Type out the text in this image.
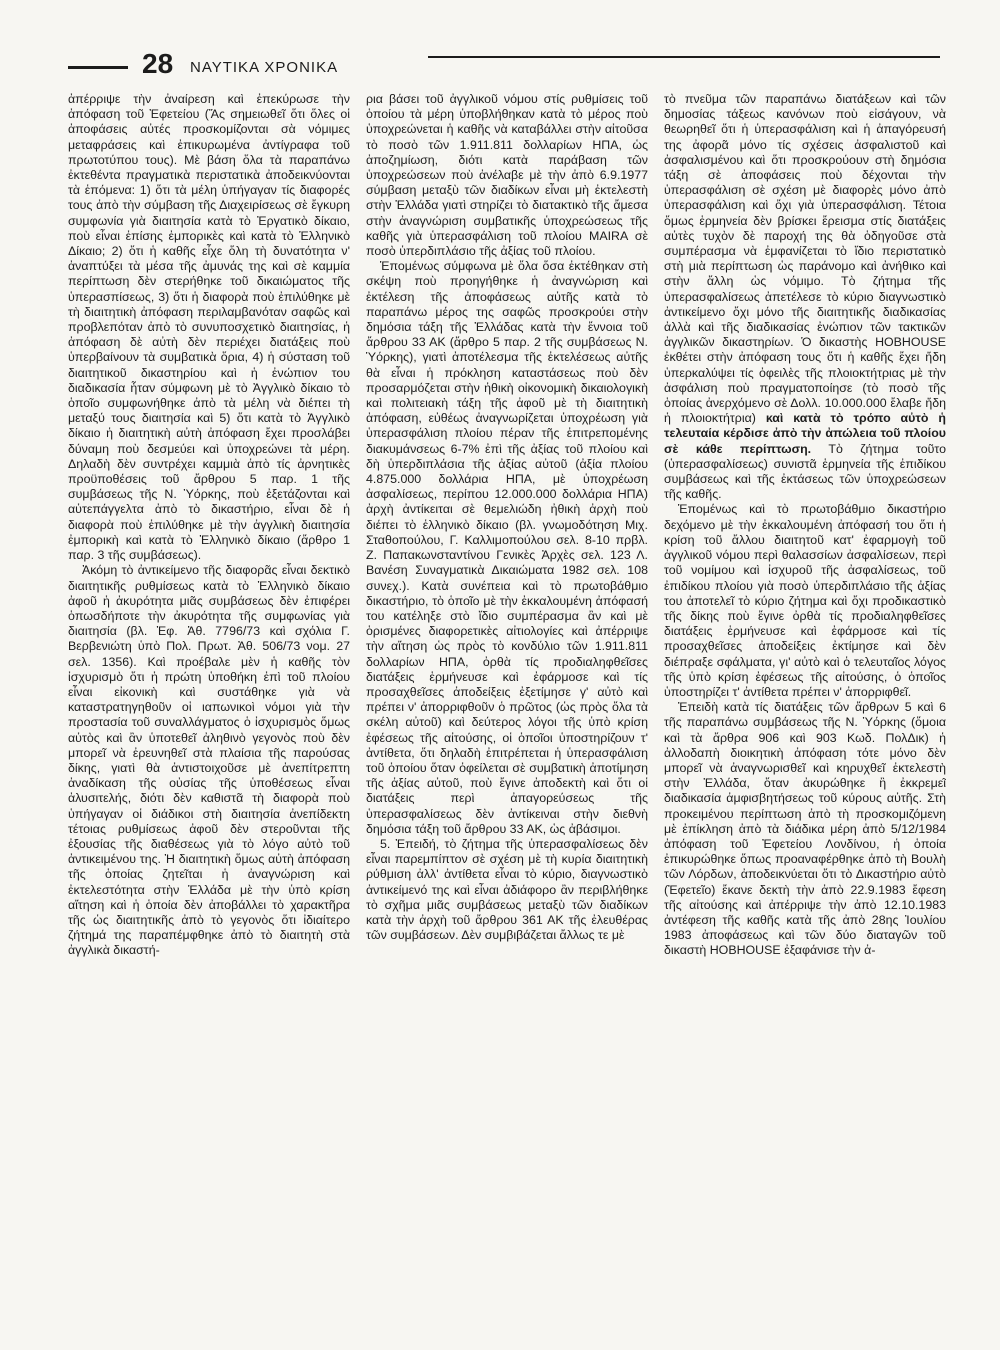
28 ΝΑΥΤΙΚΑ ΧΡΟΝΙΚΑ

ἀπέρριψε τὴν ἀναίρεση καὶ ἐπεκύρωσε τὴν ἀπόφαση τοῦ Ἐφετείου (Ἄς σημειωθεῖ ὅτι ὅλες οἱ ἀποφάσεις αὐτές προσκομίζονται σὰ νόμιμες μεταφράσεις καὶ ἐπικυρωμένα ἀντίγραφα τοῦ πρωτοτύπου τους). Μὲ βάση ὅλα τὰ παραπάνω ἐκτεθέντα πραγματικὰ περιστατικὰ ἀποδεικνύονται τὰ ἑπόμενα: 1) ὅτι τὰ μέλη ὑπήγαγαν τίς διαφορές τους ἀπὸ τὴν σύμβαση τῆς Διαχειρίσεως σὲ ἔγκυρη συμφωνία γιὰ διαιτησία κατὰ τὸ Ἐργατικὸ δίκαιο, ποὺ εἶναι ἐπίσης ἐμπορικὲς καὶ κατὰ τὸ Ἑλληνικὸ Δίκαιο; 2) ὅτι ἡ καθῆς εἶχε ὅλη τὴ δυνατότητα ν' ἀναπτύξει τὰ μέσα τῆς ἀμυνάς της καὶ σὲ καμμία περίπτωση δὲν στερήθηκε τοῦ δικαιώματος τῆς ὑπερασπίσεως, 3) ὅτι ἡ διαφορὰ ποὺ ἐπιλύθηκε μὲ τὴ διαιτητικὴ ἀπόφαση περιλαμβανόταν σαφῶς καὶ προβλεπόταν ἀπὸ τὸ συνυποσχετικὸ διαιτησίας, ἡ ἀπόφαση δὲ αὐτὴ δὲν περιέχει διατάξεις ποὺ ὑπερβαίνουν τὰ συμβατικὰ ὅρια, 4) ἡ σύσταση τοῦ διαιτητικοῦ δικαστηρίου καὶ ἡ ἐνώπιον του διαδικασία ἦταν σύμφωνη μὲ τὸ Ἀγγλικὸ δίκαιο τὸ ὁποῖο συμφωνήθηκε ἀπὸ τὰ μέλη νὰ διέπει τὴ μεταξύ τους διαιτησία καὶ 5) ὅτι κατὰ τὸ Ἀγγλικὸ δίκαιο ἡ διαιτητικὴ αὐτὴ ἀπόφαση ἔχει προσλάβει δύναμη ποὺ δεσμεύει καὶ ὑποχρεώνει τὰ μέρη. Δηλαδὴ δὲν συντρέχει καμμιὰ ἀπὸ τίς ἀρνητικὲς προϋποθέσεις τοῦ ἄρθρου 5 παρ. 1 τῆς συμβάσεως τῆς Ν. Ὑόρκης, ποὺ ἐξετάζονται καὶ αὐτεπάγγελτα ἀπὸ τὸ δικαστήριο, εἶναι δὲ ἡ διαφορὰ ποὺ ἐπιλύθηκε μὲ τὴν ἀγγλικὴ διαιτησία ἐμπορικὴ καὶ κατὰ τὸ Ἑλληνικὸ δίκαιο (ἄρθρο 1 παρ. 3 τῆς συμβάσεως).

Ἀκόμη τὸ ἀντικείμενο τῆς διαφορᾶς εἶναι δεκτικὸ διαιτητικῆς ρυθμίσεως κατὰ τὸ Ἑλληνικὸ δίκαιο ἀφοῦ ἡ ἀκυρότητα μιᾶς συμβάσεως δὲν ἐπιφέρει ὁπωσδήποτε τὴν ἀκυρότητα τῆς συμφωνίας γιὰ διαιτησία (βλ. Ἐφ. Ἀθ. 7796/73 καὶ σχόλια Γ. Βερβενιώτη ὑπὸ Πολ. Πρωτ. Ἀθ. 506/73 νομ. 27 σελ. 1356). Καὶ προέβαλε μὲν ἡ καθῆς τὸν ἰσχυρισμὸ ὅτι ἡ πρώτη ὑποθήκη ἐπὶ τοῦ πλοίου εἶναι εἰκονικὴ καὶ συστάθηκε γιὰ νὰ καταστρατηγηθοῦν οἱ ιαπωνικοὶ νόμοι γιὰ τὴν προστασία τοῦ συναλλάγματος ὁ ἰσχυρισμὸς ὅμως αὐτὸς καὶ ἂν ὑποτεθεῖ ἀληθινὸ γεγονὸς ποὺ δὲν μπορεῖ νὰ ἐρευνηθεῖ στὰ πλαίσια τῆς παρούσας δίκης, γιατὶ θὰ ἀντιστοιχοῦσε μὲ ἀνεπίτρεπτη ἀναδίκαση τῆς οὐσίας τῆς ὑποθέσεως εἶναι ἀλυσιτελής, διότι δὲν καθιστᾶ τὴ διαφορὰ ποὺ ὑπήγαγαν οἱ διάδικοι στὴ διαιτησία ἀνεπίδεκτη τέτοιας ρυθμίσεως ἀφοῦ δὲν στεροῦνται τῆς ἐξουσίας τῆς διαθέσεως γιὰ τὸ λόγο αὐτὸ τοῦ ἀντικειμένου της. Ἡ διαιτητικὴ ὅμως αὐτὴ ἀπόφαση τῆς ὁποίας ζητεῖται ἡ ἀναγνώριση καὶ ἐκτελεστότητα στὴν Ἑλλάδα μὲ τὴν ὑπὸ κρίση αἴτηση καὶ ἡ ὁποία δὲν ἀποβάλλει τὸ χαρακτῆρα τῆς ὡς διαιτητικῆς ἀπὸ τὸ γεγονὸς ὅτι ἰδιαίτερο ζήτημά της παραπέμφθηκε ἀπὸ τὸ διαιτητὴ στὰ ἀγγλικὰ δικαστή-

ρια βάσει τοῦ ἀγγλικοῦ νόμου στίς ρυθμίσεις τοῦ ὁποίου τὰ μέρη ὑποβλήθηκαν κατὰ τὸ μέρος ποὺ ὑποχρεώνεται ἡ καθῆς νὰ καταβάλλει στὴν αἰτοῦσα τὸ ποσὸ τῶν 1.911.811 δολλαρίων ΗΠΑ, ὡς ἀποζημίωση, διότι κατὰ παράβαση τῶν ὑποχρεώσεων ποὺ ἀνέλαβε μὲ τὴν ἀπὸ 6.9.1977 σύμβαση μεταξὺ τῶν διαδίκων εἶναι μὴ ἐκτελεστὴ στὴν Ἑλλάδα γιατὶ στηρίζει τὸ διατακτικὸ τῆς ἄμεσα στὴν ἀναγνώριση συμβατικῆς ὑποχρεώσεως τῆς καθῆς γιὰ ὑπερασφάλιση τοῦ πλοίου MAIRA σὲ ποσὸ ὑπερδιπλάσιο τῆς ἀξίας τοῦ πλοίου.

Ἑπομένως σύμφωνα μὲ ὅλα ὅσα ἐκτέθηκαν στὴ σκέψη ποὺ προηγήθηκε ἡ ἀναγνώριση καὶ ἐκτέλεση τῆς ἀποφάσεως αὐτῆς κατὰ τὸ παραπάνω μέρος της σαφῶς προσκρούει στὴν δημόσια τάξη τῆς Ἑλλάδας κατὰ τὴν ἔννοια τοῦ ἄρθρου 33 ΑΚ (ἄρθρο 5 παρ. 2 τῆς συμβάσεως Ν. Ὑόρκης), γιατὶ ἀποτέλεσμα τῆς ἐκτελέσεως αὐτῆς θὰ εἶναι ἡ πρόκληση καταστάσεως ποὺ δὲν προσαρμόζεται στὴν ἠθικὴ οἰκονομικὴ δικαιολογικὴ καὶ πολιτειακὴ τάξη τῆς ἀφοῦ μὲ τὴ διαιτητικὴ ἀπόφαση, εὐθέως ἀναγνωρίζεται ὑποχρέωση γιὰ ὑπερασφάλιση πλοίου πέραν τῆς ἐπιτρεπομένης διακυμάνσεως 6-7% ἐπὶ τῆς ἀξίας τοῦ πλοίου καὶ δὴ ὑπερδιπλάσια τῆς ἀξίας αὐτοῦ (ἀξία πλοίου 4.875.000 δολλάρια ΗΠΑ, μὲ ὑποχρέωση ἀσφαλίσεως, περίπου 12.000.000 δολλάρια ΗΠΑ) ἀρχὴ ἀντίκειται σὲ θεμελιώδη ἠθικὴ ἀρχὴ ποὺ διέπει τὸ ἑλληνικὸ δίκαιο (βλ. γνωμοδότηση Μιχ. Σταθοπούλου, Γ. Καλλιμοπούλου σελ. 8-10 πρβλ. Ζ. Παπακωνσταντίνου Γενικὲς Ἀρχὲς σελ. 123 Λ. Βανέση Συναγματικὰ Δικαιώματα 1982 σελ. 108 συνεχ.). Κατὰ συνέπεια καὶ τὸ πρωτοβάθμιο δικαστήριο, τὸ ὁποῖο μὲ τὴν ἐκκαλουμένη ἀπόφασή του κατέληξε στὸ ἴδιο συμπέρασμα ἂν καὶ μὲ ὁρισμένες διαφορετικὲς αἰτιολογίες καὶ ἀπέρριψε τὴν αἴτηση ὡς πρὸς τὸ κονδύλιο τῶν 1.911.811 δολλαρίων ΗΠΑ, ὀρθὰ τίς προδιαληφθεῖσες διατάξεις ἑρμήνευσε καὶ ἐφάρμοσε καὶ τίς προσαχθεῖσες ἀποδείξεις ἐξετίμησε γ' αὐτὸ καὶ πρέπει ν' ἀπορριφθοῦν ὁ πρῶτος (ὡς πρὸς ὅλα τὰ σκέλη αὐτοῦ) καὶ δεύτερος λόγοι τῆς ὑπὸ κρίση ἐφέσεως τῆς αἰτούσης, οἱ ὁποῖοι ὑποστηρίζουν τ' ἀντίθετα, ὅτι δηλαδὴ ἐπιτρέπεται ἡ ὑπερασφάλιση τοῦ ὁποίου ὅταν ὀφείλεται σὲ συμβατικὴ ἀποτίμηση τῆς ἀξίας αὐτοῦ, ποὺ ἔγινε ἀποδεκτὴ καὶ ὅτι οἱ διατάξεις περὶ ἀπαγορεύσεως τῆς ὑπερασφαλίσεως δὲν ἀντίκειναι στὴν διεθνὴ δημόσια τάξη τοῦ ἄρθρου 33 ΑΚ, ὡς ἀβάσιμοι.

5. Ἐπειδή, τὸ ζήτημα τῆς ὑπερασφαλίσεως δὲν εἶναι παρεμπίπτον σὲ σχέση μὲ τὴ κυρία διαιτητικὴ ρύθμιση ἀλλ' ἀντίθετα εἶναι τὸ κύριο, διαγνωστικὸ ἀντικείμενό της καὶ εἶναι ἀδιάφορο ἂν περιβλήθηκε τὸ σχῆμα μιᾶς συμβάσεως μεταξὺ τῶν διαδίκων κατὰ τὴν ἀρχὴ τοῦ ἄρθρου 361 ΑΚ τῆς ἐλευθέρας τῶν συμβάσεων. Δὲν συμβιβάζεται ἄλλως τε μὲ

τὸ πνεῦμα τῶν παραπάνω διατάξεων καὶ τῶν δημοσίας τάξεως κανόνων ποὺ εἰσάγουν, νὰ θεωρηθεῖ ὅτι ἡ ὑπερασφάλιση καὶ ἡ ἀπαγόρευσή της ἀφορᾶ μόνο τίς σχέσεις ἀσφαλιστοῦ καὶ ἀσφαλισμένου καὶ ὅτι προσκρούουν στὴ δημόσια τάξη σὲ ἀποφάσεις ποὺ δέχονται τὴν ὑπερασφάλιση σὲ σχέση μὲ διαφορὲς μόνο ἀπὸ ὑπερασφάλιση καὶ ὄχι γιὰ ὑπερασφάλιση. Τέτοια ὅμως ἑρμηνεία δὲν βρίσκει ἔρεισμα στίς διατάξεις αὐτὲς τυχὸν δὲ παροχή της θὰ ὁδηγοῦσε στὰ συμπέρασμα νὰ ἐμφανίζεται τὸ ἴδιο περιστατικὸ στὴ μιὰ περίπτωση ὡς παράνομο καὶ ἀνήθικο καὶ στὴν ἄλλη ὡς νόμιμο. Τὸ ζήτημα τῆς ὑπερασφαλίσεως ἀπετέλεσε τὸ κύριο διαγνωστικὸ ἀντικείμενο ὄχι μόνο τῆς διαιτητικῆς διαδικασίας ἀλλὰ καὶ τῆς διαδικασίας ἐνώπιον τῶν τακτικῶν ἀγγλικῶν δικαστηρίων. Ὁ δικαστὴς HOBHOUSE ἐκθέτει στὴν ἀπόφαση τους ὅτι ἡ καθῆς ἔχει ἤδη ὑπερκαλύψει τίς ὀφειλὲς τῆς πλοιοκτήτριας μὲ τὴν ἀσφάλιση ποὺ πραγματοποίησε (τὸ ποσὸ τῆς ὁποίας ἀνερχόμενο σὲ Δολλ. 10.000.000 ἔλαβε ἤδη ἡ πλοιοκτήτρια) καὶ κατὰ τὸ τρόπο αὐτὸ ἡ τελευταία κέρδισε ἀπὸ τὴν ἀπώλεια τοῦ πλοίου σὲ κάθε περίπτωση. Τὸ ζήτημα τοῦτο (ὑπερασφαλίσεως) συνιστᾶ ἑρμηνεία τῆς ἐπιδίκου συμβάσεως καὶ τῆς ἐκτάσεως τῶν ὑποχρεώσεων τῆς καθῆς.

Ἑπομένως καὶ τὸ πρωτοβάθμιο δικαστήριο δεχόμενο μὲ τὴν ἐκκαλουμένη ἀπόφασή του ὅτι ἡ κρίση τοῦ ἄλλου διαιτητοῦ κατ' ἐφαρμογὴ τοῦ ἀγγλικοῦ νόμου περὶ θαλασσίων ἀσφαλίσεων, περὶ τοῦ νομίμου καὶ ἰσχυροῦ τῆς ἀσφαλίσεως, τοῦ ἐπιδίκου πλοίου γιὰ ποσὸ ὑπερδιπλάσιο τῆς ἀξίας του ἀποτελεῖ τὸ κύριο ζήτημα καὶ ὄχι προδικαστικὸ τῆς δίκης ποὺ ἔγινε ὀρθὰ τίς προδιαληφθεῖσες διατάξεις ἑρμήνευσε καὶ ἐφάρμοσε καὶ τίς προσαχθεῖσες ἀποδείξεις ἐκτίμησε καὶ δὲν διέπραξε σφάλματα, γι' αὐτὸ καὶ ὁ τελευταῖος λόγος τῆς ὑπὸ κρίση ἐφέσεως τῆς αἰτούσης, ὁ ὁποῖος ὑποστηρίζει τ' ἀντίθετα πρέπει ν' ἀπορριφθεῖ.

Ἐπειδὴ κατὰ τίς διατάξεις τῶν ἄρθρων 5 καὶ 6 τῆς παραπάνω συμβάσεως τῆς Ν. Ὑόρκης (ὅμοια καὶ τὰ ἄρθρα 906 καὶ 903 Κωδ. ΠολΔικ) ἡ ἀλλοδαπὴ διοικητικὴ ἀπόφαση τότε μόνο δὲν μπορεῖ νὰ ἀναγνωρισθεῖ καὶ κηρυχθεῖ ἐκτελεστὴ στὴν Ἑλλάδα, ὅταν ἀκυρώθηκε ἢ ἐκκρεμεῖ διαδικασία ἀμφισβητήσεως τοῦ κύρους αὐτῆς. Στὴ προκειμένου περίπτωση ἀπὸ τὴ προσκομιζόμενη μὲ ἐπίκληση ἀπὸ τὰ διάδικα μέρη ἀπὸ 5/12/1984 ἀπόφαση τοῦ Ἐφετείου Λονδίνου, ἡ ὁποία ἐπικυρώθηκε ὅπως προαναφέρθηκε ἀπὸ τὴ Βουλὴ τῶν Λόρδων, ἀποδεικνύεται ὅτι τὸ Δικαστήριο αὐτὸ (Ἐφετεῖο) ἔκανε δεκτὴ τὴν ἀπὸ 22.9.1983 ἔφεση τῆς αἰτούσης καὶ ἀπέρριψε τὴν ἀπὸ 12.10.1983 ἀντέφεση τῆς καθῆς κατὰ τῆς ἀπὸ 28ης Ἰουλίου 1983 ἀποφάσεως καὶ τῶν δύο διαταγῶν τοῦ δικαστὴ HOBHOUSE ἐξαφάνισε τὴν ἀ-
